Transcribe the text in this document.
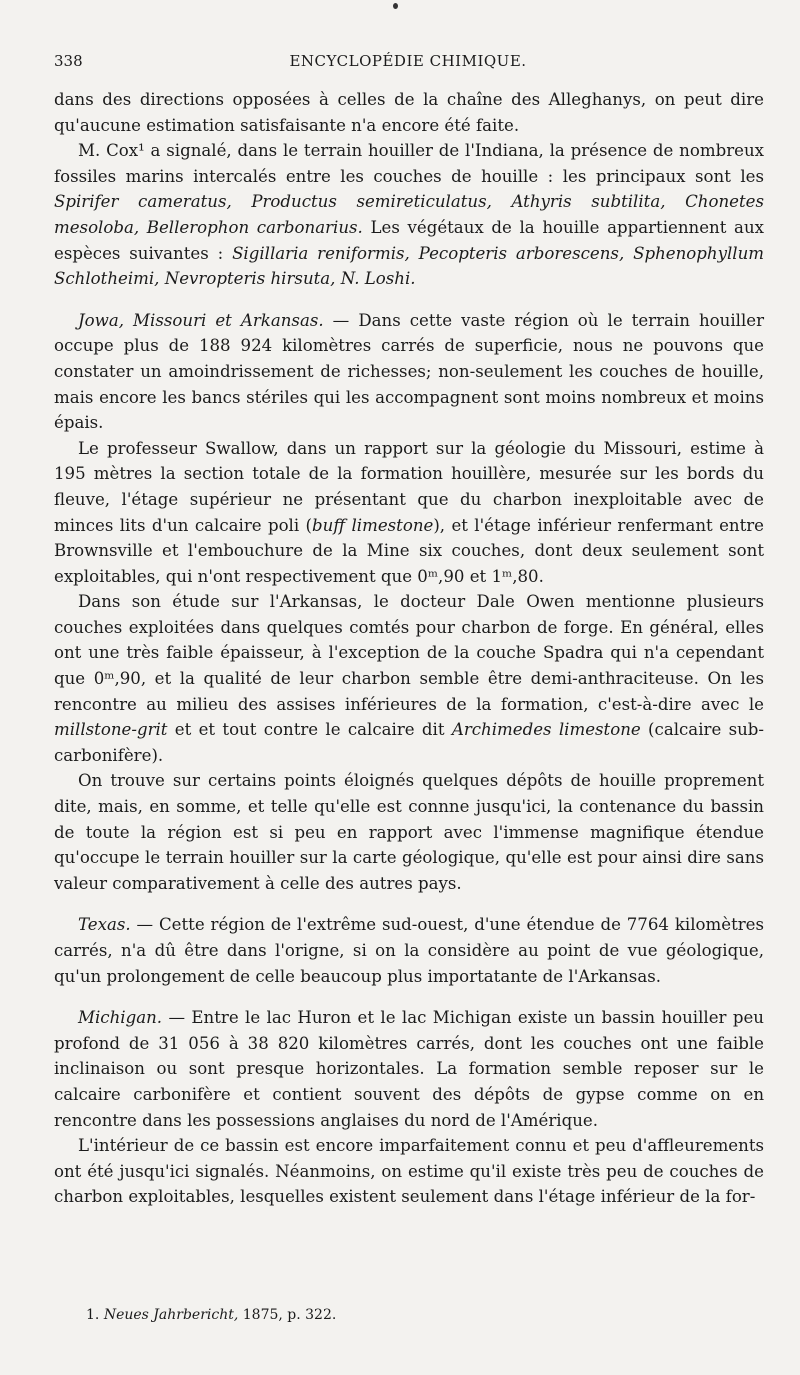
338	ENCYCLOPÉDIE CHIMIQUE.

dans des directions opposées à celles de la chaîne des Alleghanys, on peut dire qu'aucune estimation satisfaisante n'a encore été faite.

M. Cox¹ a signalé, dans le terrain houiller de l'Indiana, la présence de nombreux fossiles marins intercalés entre les couches de houille : les principaux sont les Spirifer cameratus, Productus semireticulatus, Athyris subtilita, Chonetes mesoloba, Bellerophon carbonarius. Les végétaux de la houille appartiennent aux espèces suivantes : Sigillaria reniformis, Pecopteris arborescens, Sphenophyllum Schlotheimi, Nevropteris hirsuta, N. Loshi.

Jowa, Missouri et Arkansas. — Dans cette vaste région où le terrain houiller occupe plus de 188 924 kilomètres carrés de superficie, nous ne pouvons que constater un amoindrissement de richesses; non-seulement les couches de houille, mais encore les bancs stériles qui les accompagnent sont moins nombreux et moins épais.

Le professeur Swallow, dans un rapport sur la géologie du Missouri, estime à 195 mètres la section totale de la formation houillère, mesurée sur les bords du fleuve, l'étage supérieur ne présentant que du charbon inexploitable avec de minces lits d'un calcaire poli (buff limestone), et l'étage inférieur renfermant entre Brownsville et l'embouchure de la Mine six couches, dont deux seulement sont exploitables, qui n'ont respectivement que 0ᵐ,90 et 1ᵐ,80.

Dans son étude sur l'Arkansas, le docteur Dale Owen mentionne plusieurs couches exploitées dans quelques comtés pour charbon de forge. En général, elles ont une très faible épaisseur, à l'exception de la couche Spadra qui n'a cependant que 0ᵐ,90, et la qualité de leur charbon semble être demi-anthraciteuse. On les rencontre au milieu des assises inférieures de la formation, c'est-à-dire avec le millstone-grit et et tout contre le calcaire dit Archimedes limestone (calcaire sub-carbonifère).

On trouve sur certains points éloignés quelques dépôts de houille proprement dite, mais, en somme, et telle qu'elle est connne jusqu'ici, la contenance du bassin de toute la région est si peu en rapport avec l'immense magnifique étendue qu'occupe le terrain houiller sur la carte géologique, qu'elle est pour ainsi dire sans valeur comparativement à celle des autres pays.

Texas. — Cette région de l'extrême sud-ouest, d'une étendue de 7764 kilomètres carrés, n'a dû être dans l'origne, si on la considère au point de vue géologique, qu'un prolongement de celle beaucoup plus importatante de l'Arkansas.

Michigan. — Entre le lac Huron et le lac Michigan existe un bassin houiller peu profond de 31 056 à 38 820 kilomètres carrés, dont les couches ont une faible inclinaison ou sont presque horizontales. La formation semble reposer sur le calcaire carbonifère et contient souvent des dépôts de gypse comme on en rencontre dans les possessions anglaises du nord de l'Amérique.

L'intérieur de ce bassin est encore imparfaitement connu et peu d'affleurements ont été jusqu'ici signalés. Néanmoins, on estime qu'il existe très peu de couches de charbon exploitables, lesquelles existent seulement dans l'étage inférieur de la for-

1. Neues Jahrbericht, 1875, p. 322.
